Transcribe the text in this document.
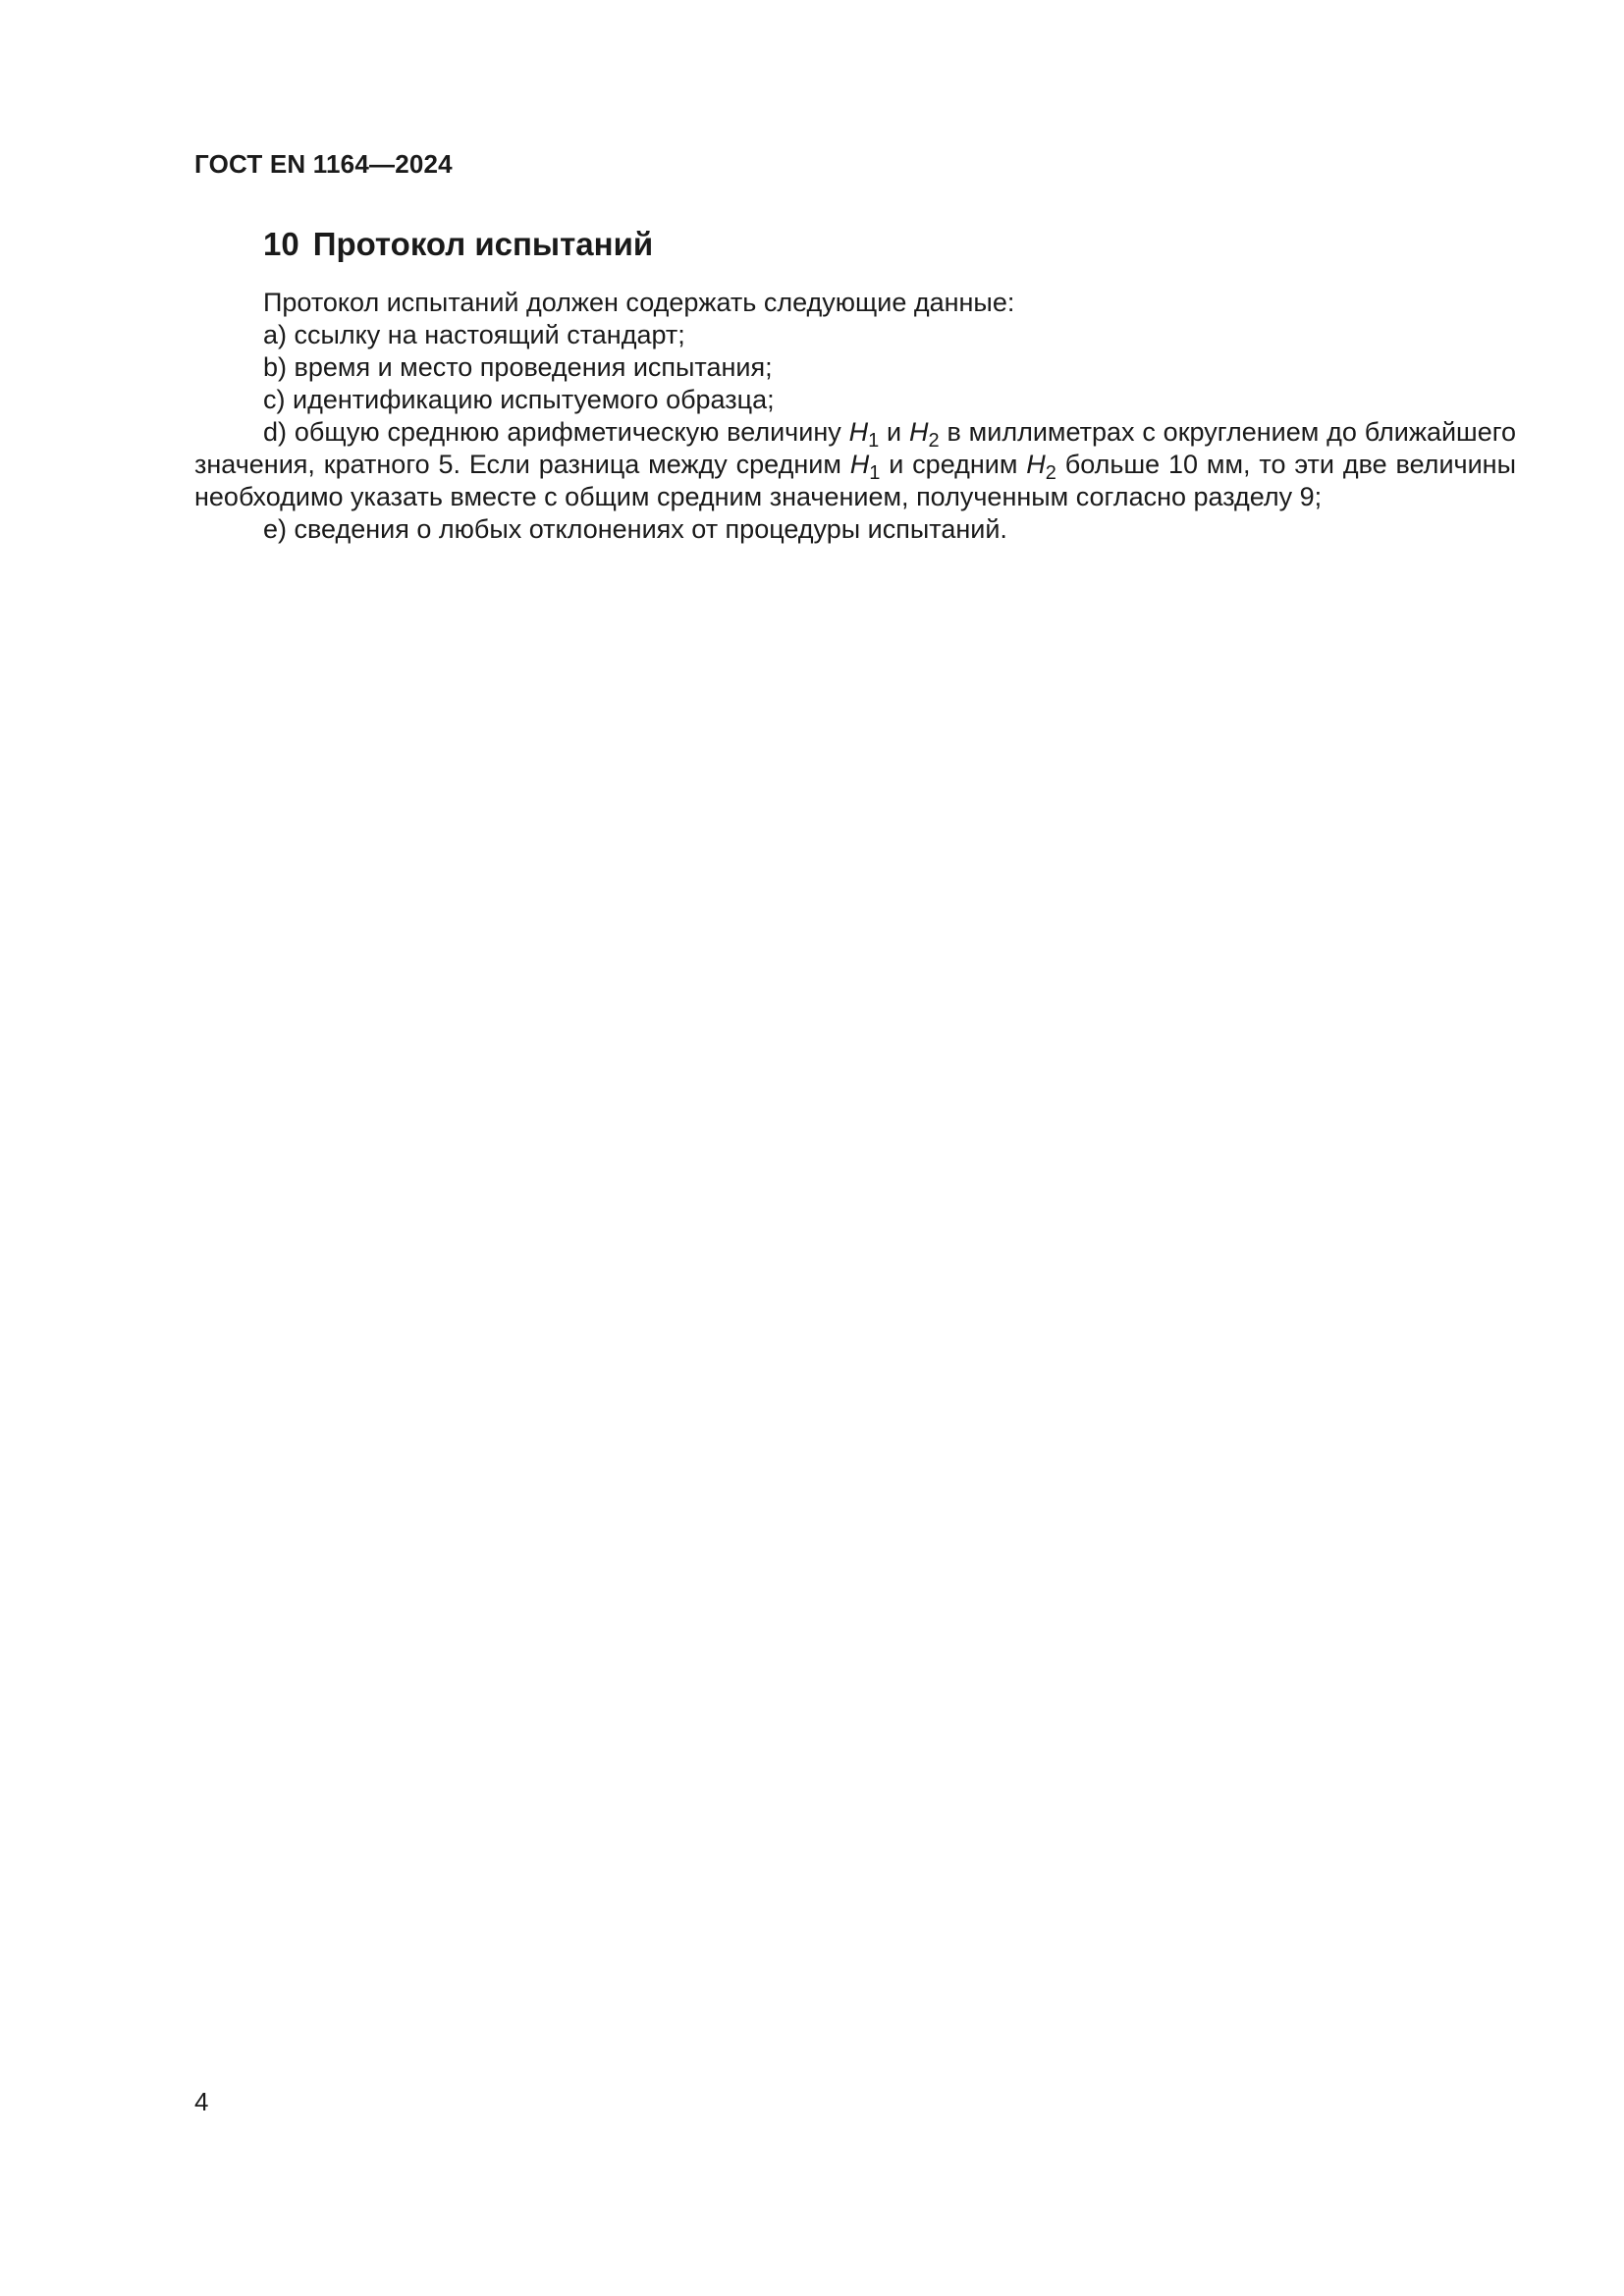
ГОСТ EN 1164—2024

10 Протокол испытаний

Протокол испытаний должен содержать следующие данные:

a) ссылку на настоящий стандарт;

b) время и место проведения испытания;

c) идентификацию испытуемого образца;

d) общую среднюю арифметическую величину $H_1$ и $H_2$ в миллиметрах с округлением до ближайшего значения, кратного 5. Если разница между средним $H_1$ и средним $H_2$ больше 10 мм, то эти две величины необходимо указать вместе с общим средним значением, полученным согласно разделу 9;

e) сведения о любых отклонениях от процедуры испытаний.

4
